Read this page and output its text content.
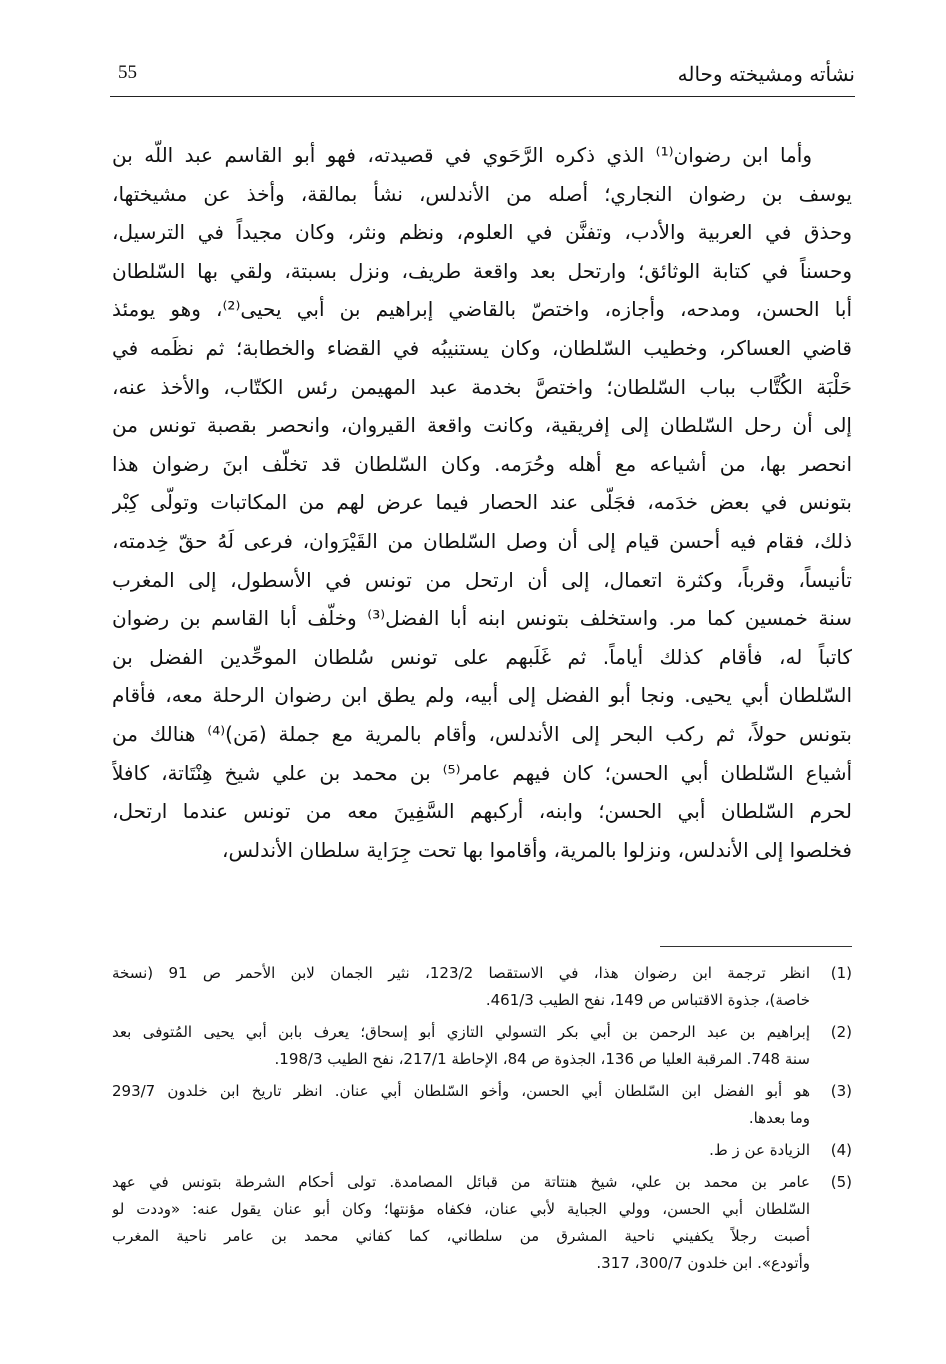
55	نشأته ومشيخته وحاله
وأما ابن رضوان⁽¹⁾ الذي ذكره الرَّحَوي في قصيدته، فهو أبو القاسم عبد اللّه بن
يوسف بن رضوان النجاري؛ أصله من الأندلس، نشأ بمالقة، وأخذ عن مشيختها،
وحذق في العربية والأدب، وتفنَّن في العلوم، ونظم ونثر، وكان مجيداً في الترسيل،
وحسناً في كتابة الوثائق؛ وارتحل بعد واقعة طريف، ونزل بسبتة، ولقي بها السّلطان
أبا الحسن، ومدحه، وأجازه، واختصّ بالقاضي إبراهيم بن أبي يحيى⁽²⁾، وهو يومئذ
قاضي العساكر، وخطيب السّلطان، وكان يستنيبُه في القضاء والخطابة؛ ثم نظَمه في
حَلْبَة الكُتَّاب بباب السّلطان؛ واختصَّ بخدمة عبد المهيمن رئس الكتّاب، والأخذ عنه،
إلى أن رحل السّلطان إلى إفريقية، وكانت واقعة القيروان، وانحصر بقصبة تونس من
انحصر بها، من أشياعه مع أهله وحُرَمه. وكان السّلطان قد تخلّف ابنَ رضوان هذا
بتونس في بعض خدَمه، فجَلّى عند الحصار فيما عرض لهم من المكاتبات وتولّى كِبْر
ذلك، فقام فيه أحسن قيام إلى أن وصل السّلطان من القَيْرَوان، فرعى لَهُ حقّ خِدمته،
تأنيساً، وقرباً، وكثرة اتعمال، إلى أن ارتحل من تونس في الأسطول، إلى المغرب
سنة خمسين كما مر. واستخلف بتونس ابنه أبا الفضل⁽³⁾ وخلّف أبا القاسم بن رضوان
كاتباً له، فأقام كذلك أياماً. ثم غَلَبهم على تونس سُلطان الموحِّدين الفضل بن
السّلطان أبي يحيى. ونجا أبو الفضل إلى أبيه، ولم يطق ابن رضوان الرحلة معه، فأقام
بتونس حولاً، ثم ركب البحر إلى الأندلس، وأقام بالمرية مع جملة (مَن)⁽⁴⁾ هنالك من
أشياع السّلطان أبي الحسن؛ كان فيهم عامر⁽⁵⁾ بن محمد بن علي شيخ هِنْتَاتة، كافلاً
لحرم السّلطان أبي الحسن؛ وابنه، أركبهم السَّفِينَ معه من تونس عندما ارتحل،
فخلصوا إلى الأندلس، ونزلوا بالمرية، وأقاموا بها تحت جِرَاية سلطان الأندلس،
(1)
انظر ترجمة ابن رضوان هذا، في الاستقصا 123/2، نثير الجمان لابن الأحمر ص 91 (نسخة
خاصة)، جذوة الاقتباس ص 149، نفح الطيب 461/3.
(2)
إبراهيم بن عبد الرحمن بن أبي بكر التسولي التازي أبو إسحاق؛ يعرف بابن أبي يحيى المُتوفى بعد
سنة 748. المرقبة العليا ص 136، الجذوة ص 84، الإحاطة 217/1، نفح الطيب 198/3.
(3)
هو أبو الفضل ابن السّلطان أبي الحسن، وأخو السّلطان أبي عنان. انظر تاريخ ابن خلدون 293/7
وما بعدها.
(4)
الزيادة عن ز ط.
(5)
عامر بن محمد بن علي، شيخ هنتاتة من قبائل المصامدة. تولى أحكام الشرطة بتونس في عهد
السّلطان أبي الحسن، وولي الجباية لأبي عنان، فكفاه مؤنتها؛ وكان أبو عنان يقول عنه: «وددت لو
أصبت رجلاً يكفيني ناحية المشرق من سلطاني، كما كفاني محمد بن عامر ناحية المغرب
وأتودع». ابن خلدون 300/7، 317.
